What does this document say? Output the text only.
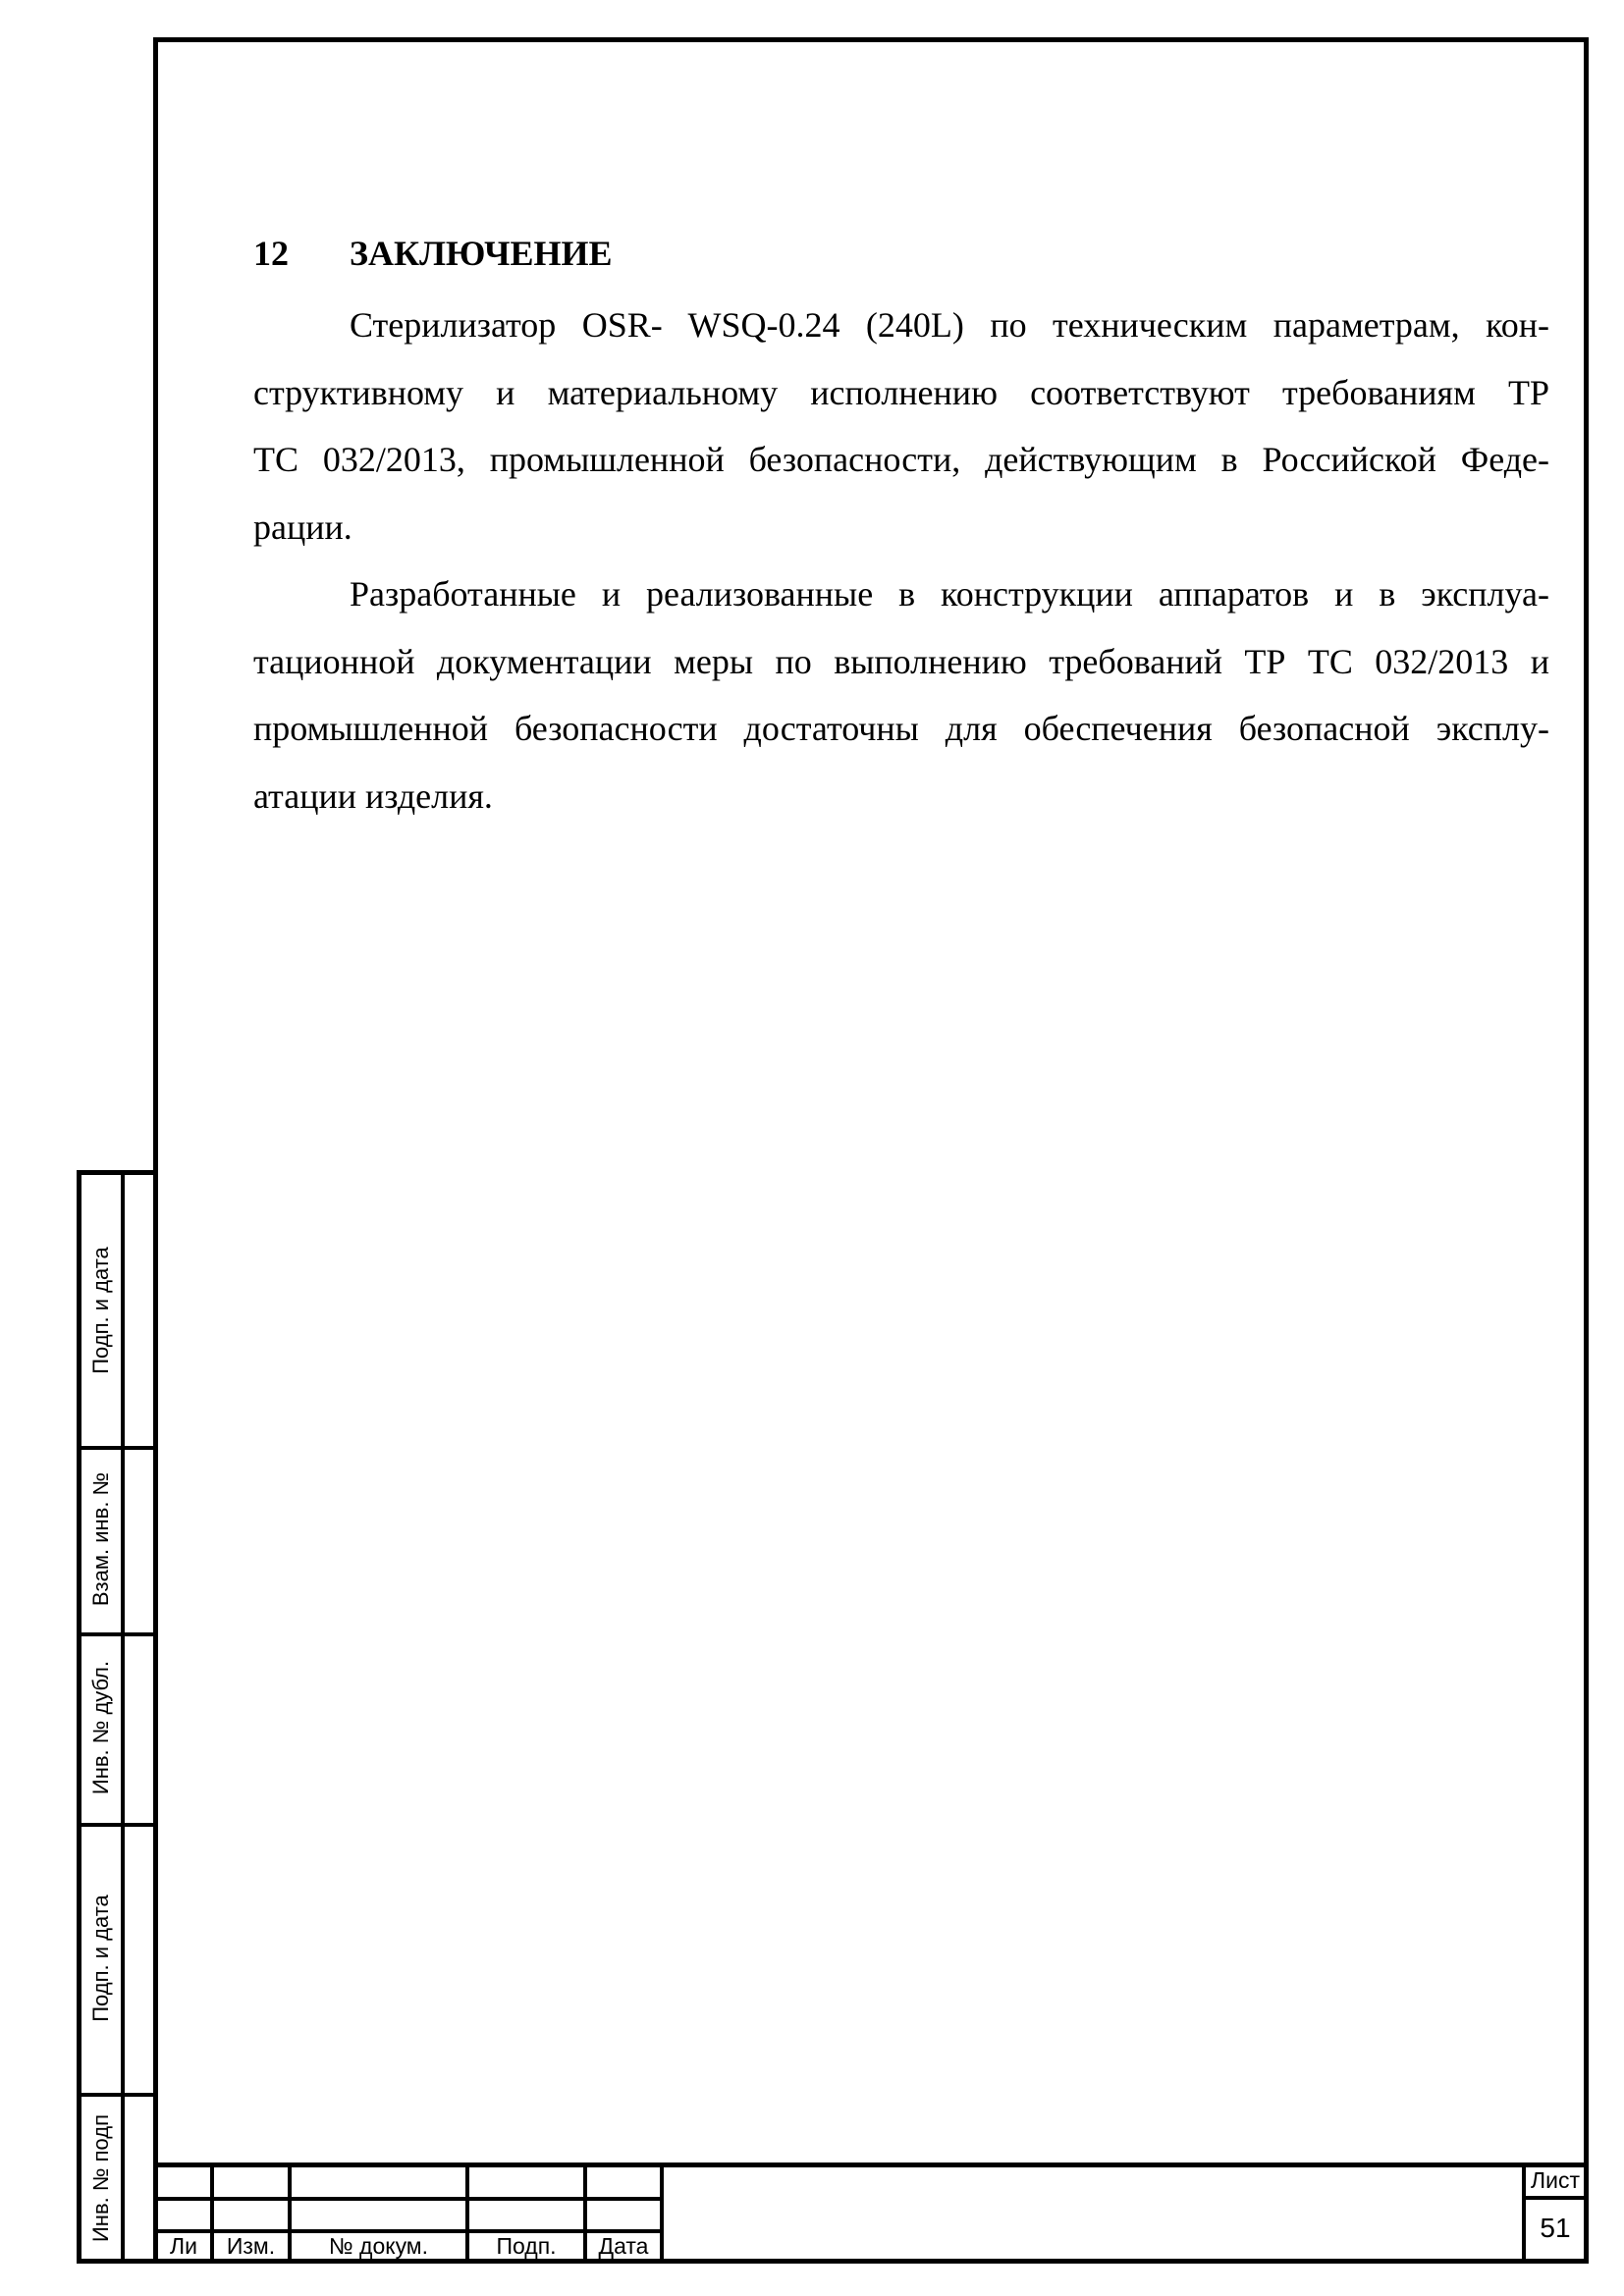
12 ЗАКЛЮЧЕНИЕ

Стерилизатор OSR- WSQ-0.24 (240L) по техническим параметрам, кон-
структивному и материальному исполнению соответствуют требованиям ТР
ТС 032/2013, промышленной безопасности, действующим в Российской Феде-
рации.

Разработанные и реализованные в конструкции аппаратов и в эксплуа-
тационной документации меры по выполнению требований ТР ТС 032/2013 и
промышленной безопасности достаточны для обеспечения безопасной эксплу-
атации изделия.

Подп. и дата
Взам. инв. №
Инв. № дубл.
Подп. и дата
Инв. № подп
Ли	Изм.	№ докум.	Подп.	Дата
Лист
51
